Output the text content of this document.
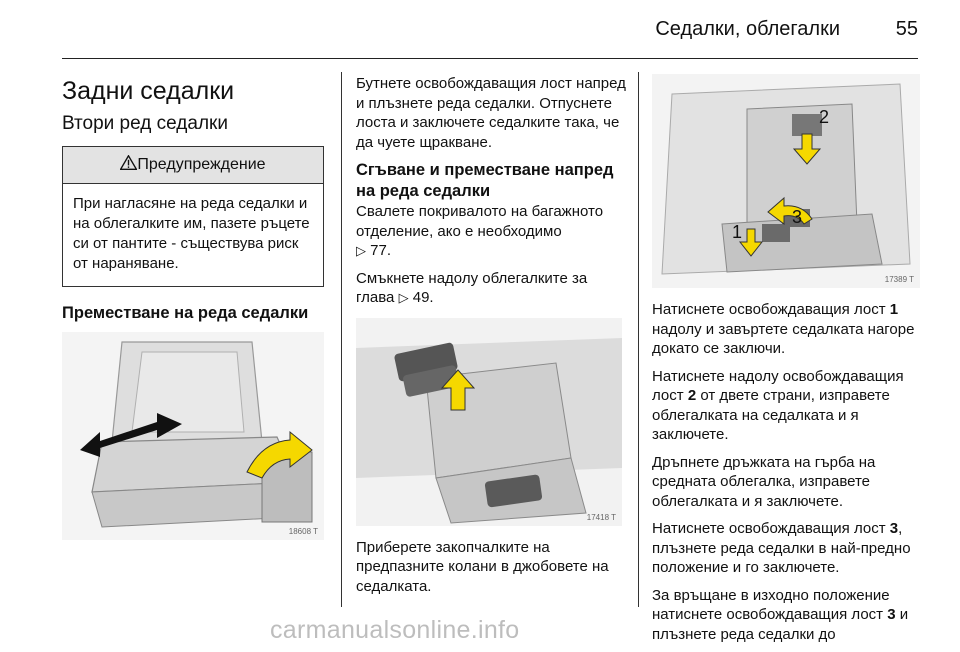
Седалки, облегалки	55
Задни седалки
Втори ред седалки
Предупреждение
При нагласяне на реда седалки и на облегалките им, пазете ръцете си от пантите - съществува риск от нараняване.
Преместване на реда седалки
18608 T

Бутнете освобождаващия лост напред и плъзнете реда седалки. Отпуснете лоста и заключете седалките така, че да чуете щракване.

Сгъване и преместване напред на реда седалки

Свалете покривалото на багажното отделение, ако е необходимо
▷ 77.

Смъкнете надолу облегалките за глава ▷ 49.

17418 T

Приберете закопчалките на предпазните колани в джобовете на седалката.

2
3
1
17389 T

Натиснете освобождаващия лост 1 надолу и завъртете седалката нагоре докато се заключи.

Натиснете надолу освобождаващия лост 2 от двете страни, изправете облегалката на седалката и я заключете.

Дръпнете дръжката на гърба на средната облегалка, изправете облегалката и я заключете.

Натиснете освобождаващия лост 3, плъзнете реда седалки в най-предно положение и го заключете.

За връщане в изходно положение натиснете освобождаващия лост 3 и плъзнете реда седалки до

carmanualsonline.info
